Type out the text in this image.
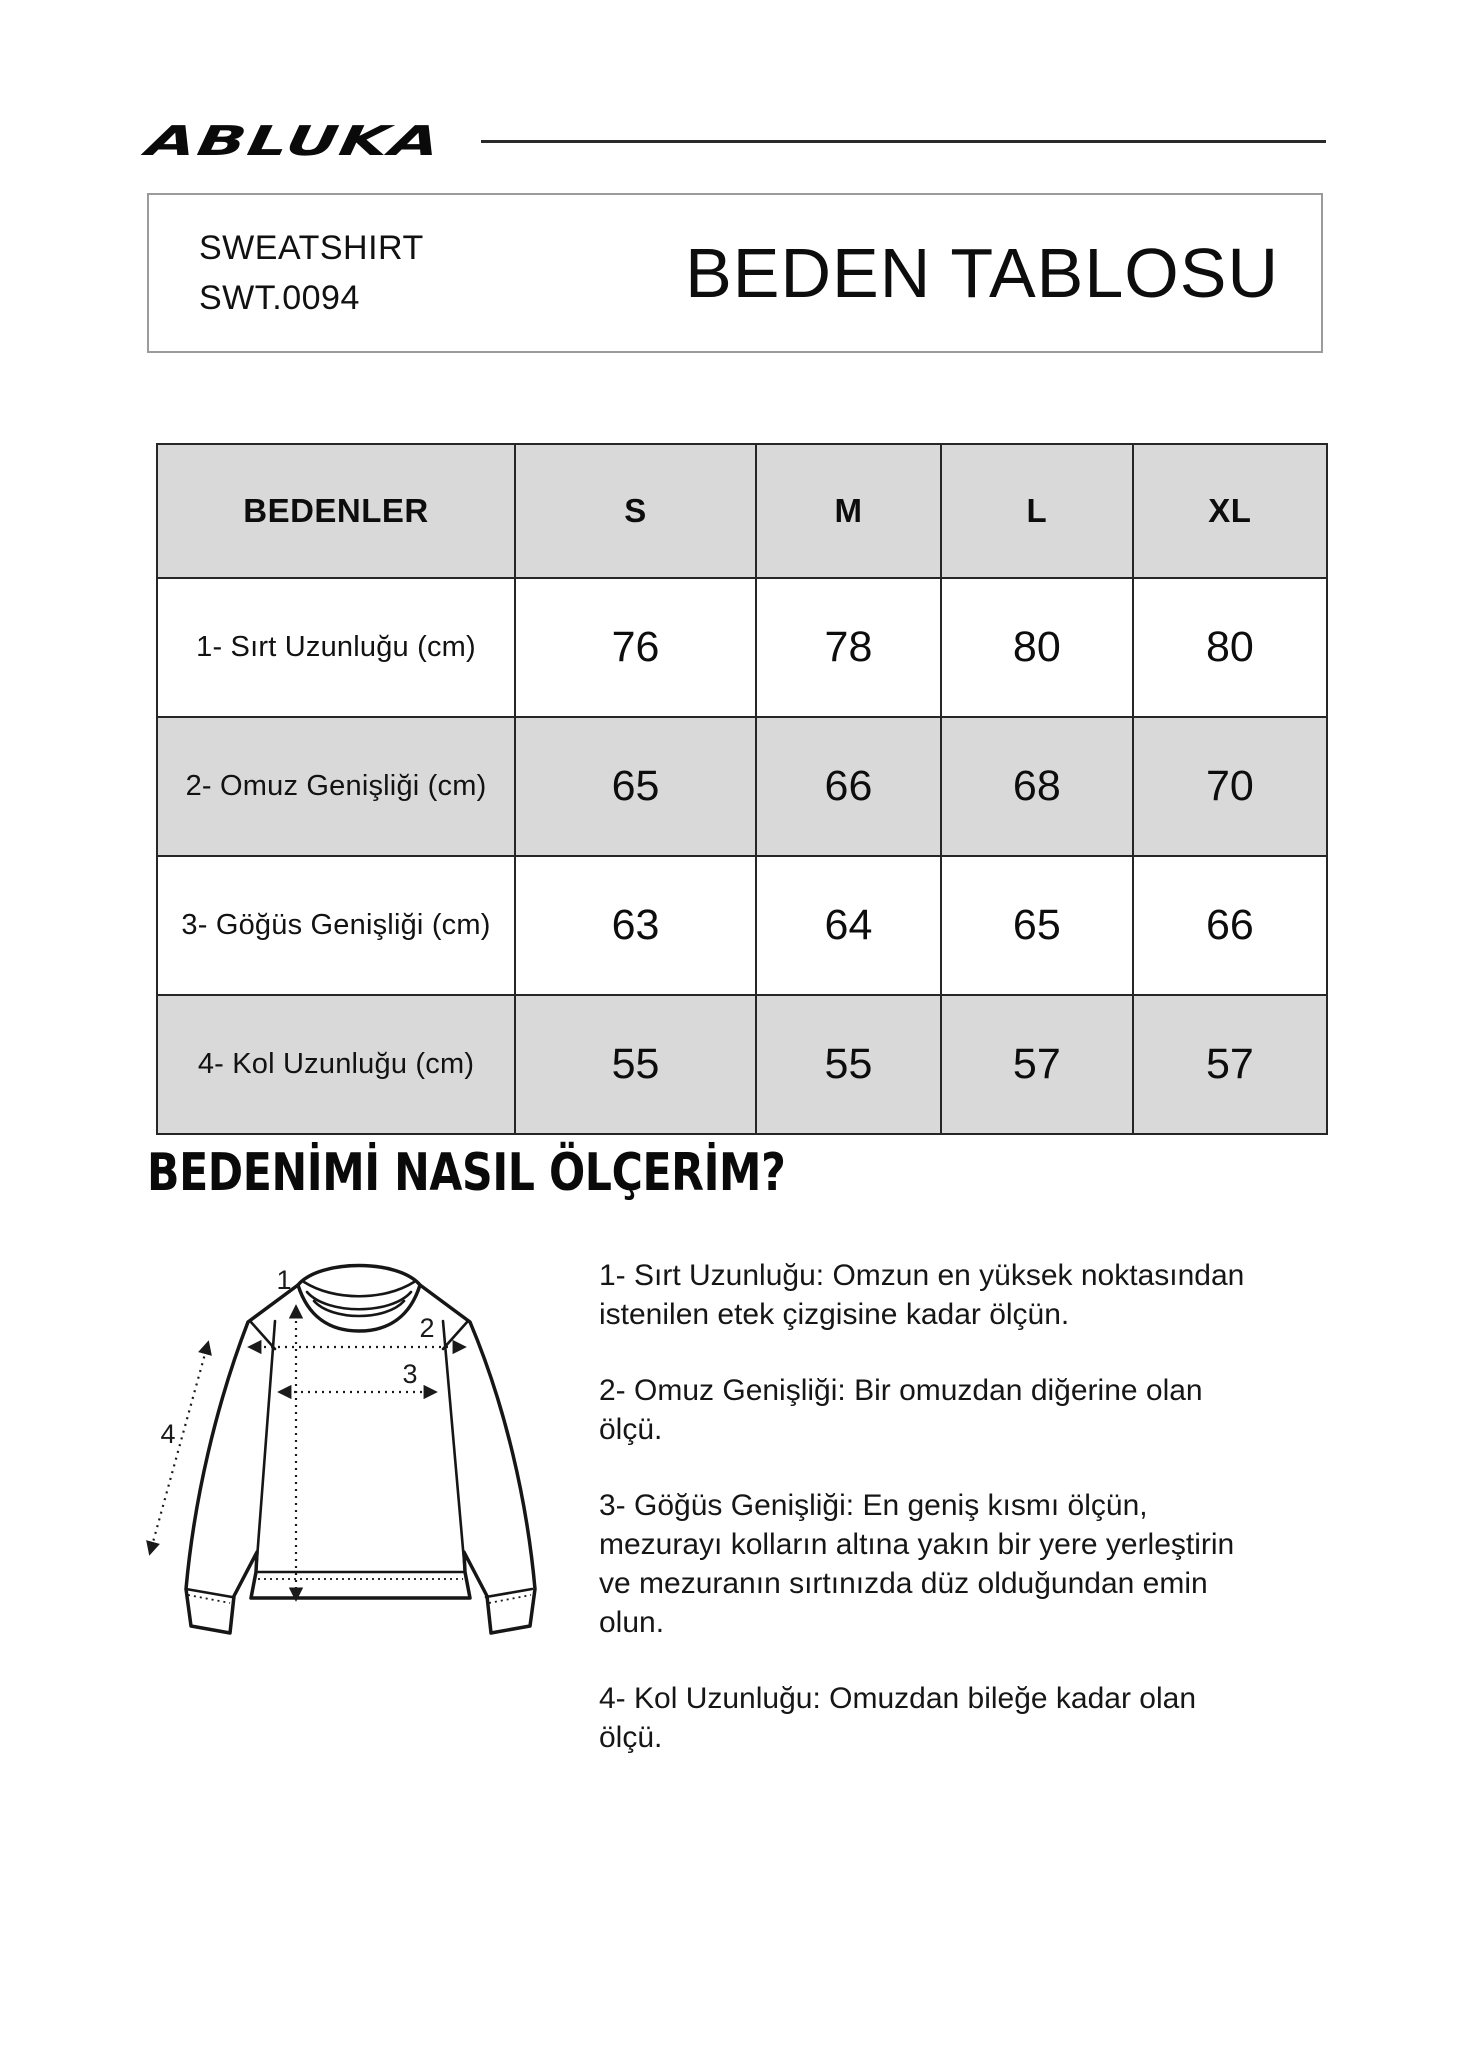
ABLUKA
SWEATSHIRT
SWT.0094	BEDEN TABLOSU
BEDENLER	S	M	L	XL
1- Sırt Uzunluğu (cm)	76	78	80	80
2- Omuz Genişliği (cm)	65	66	68	70
3- Göğüs Genişliği (cm)	63	64	65	66
4- Kol Uzunluğu (cm)	55	55	57	57
BEDENİMİ NASIL ÖLÇERİM?
1
2
3
4

1- Sırt Uzunluğu: Omzun en yüksek noktasından istenilen etek çizgisine kadar ölçün.

2- Omuz Genişliği: Bir omuzdan diğerine olan ölçü.

3- Göğüs Genişliği: En geniş kısmı ölçün, mezurayı kolların altına yakın bir yere yerleştirin ve mezuranın sırtınızda düz olduğundan emin olun.

4- Kol Uzunluğu: Omuzdan bileğe kadar olan ölçü.
